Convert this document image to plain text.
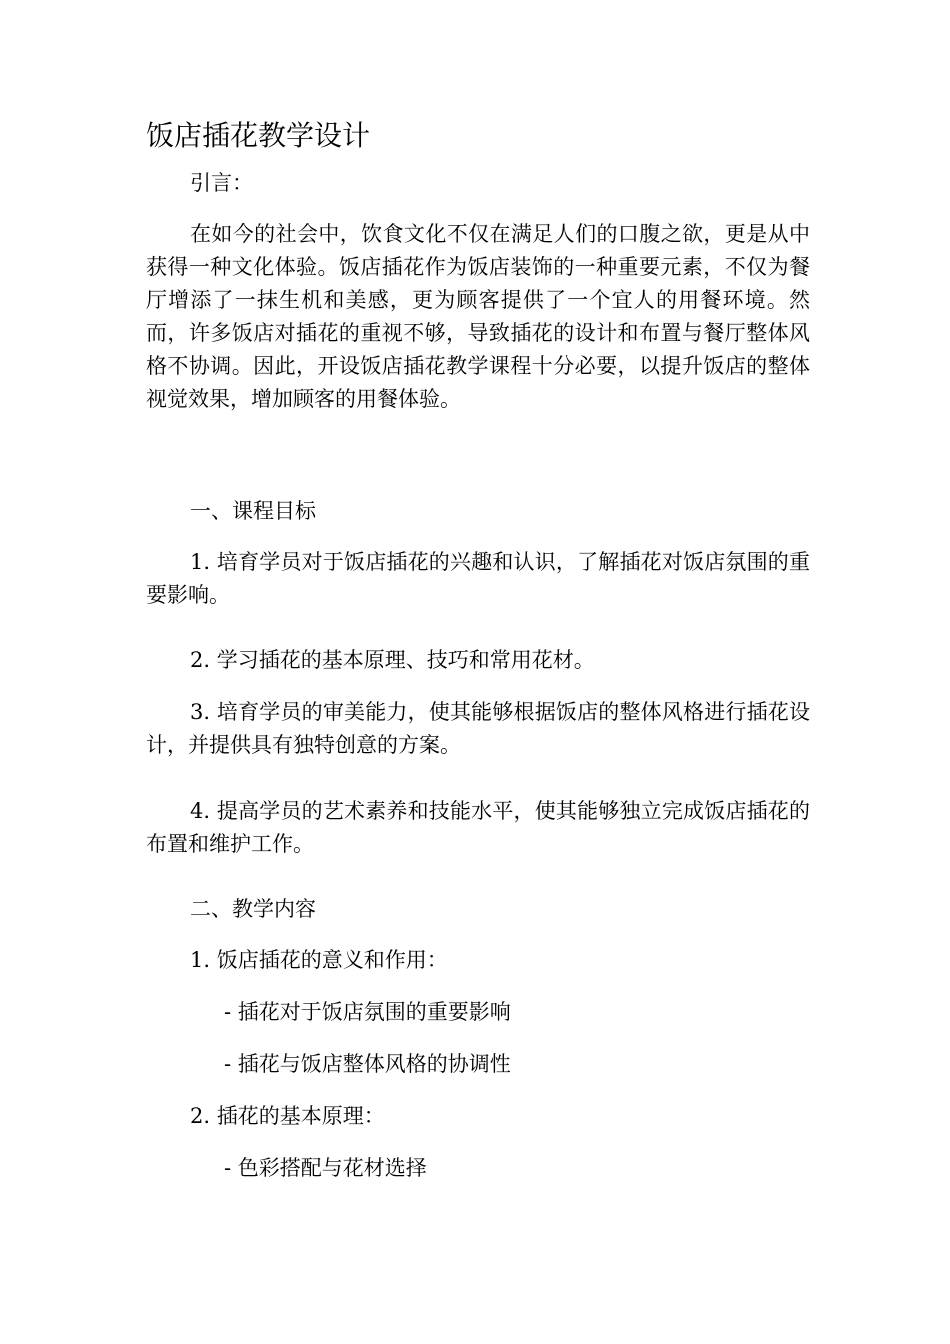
饭店插花教学设计

引言：

在如今的社会中，饮食文化不仅在满足人们的口腹之欲，更是从中获得一种文化体验。饭店插花作为饭店装饰的一种重要元素，不仅为餐厅增添了一抹生机和美感，更为顾客提供了一个宜人的用餐环境。然而，许多饭店对插花的重视不够，导致插花的设计和布置与餐厅整体风格不协调。因此，开设饭店插花教学课程十分必要，以提升饭店的整体视觉效果，增加顾客的用餐体验。

一、课程目标

1. 培育学员对于饭店插花的兴趣和认识，了解插花对饭店氛围的重要影响。

2. 学习插花的基本原理、技巧和常用花材。

3. 培育学员的审美能力，使其能够根据饭店的整体风格进行插花设计，并提供具有独特创意的方案。

4. 提高学员的艺术素养和技能水平，使其能够独立完成饭店插花的布置和维护工作。

二、教学内容

1. 饭店插花的意义和作用：

- 插花对于饭店氛围的重要影响

- 插花与饭店整体风格的协调性

2. 插花的基本原理：

- 色彩搭配与花材选择
